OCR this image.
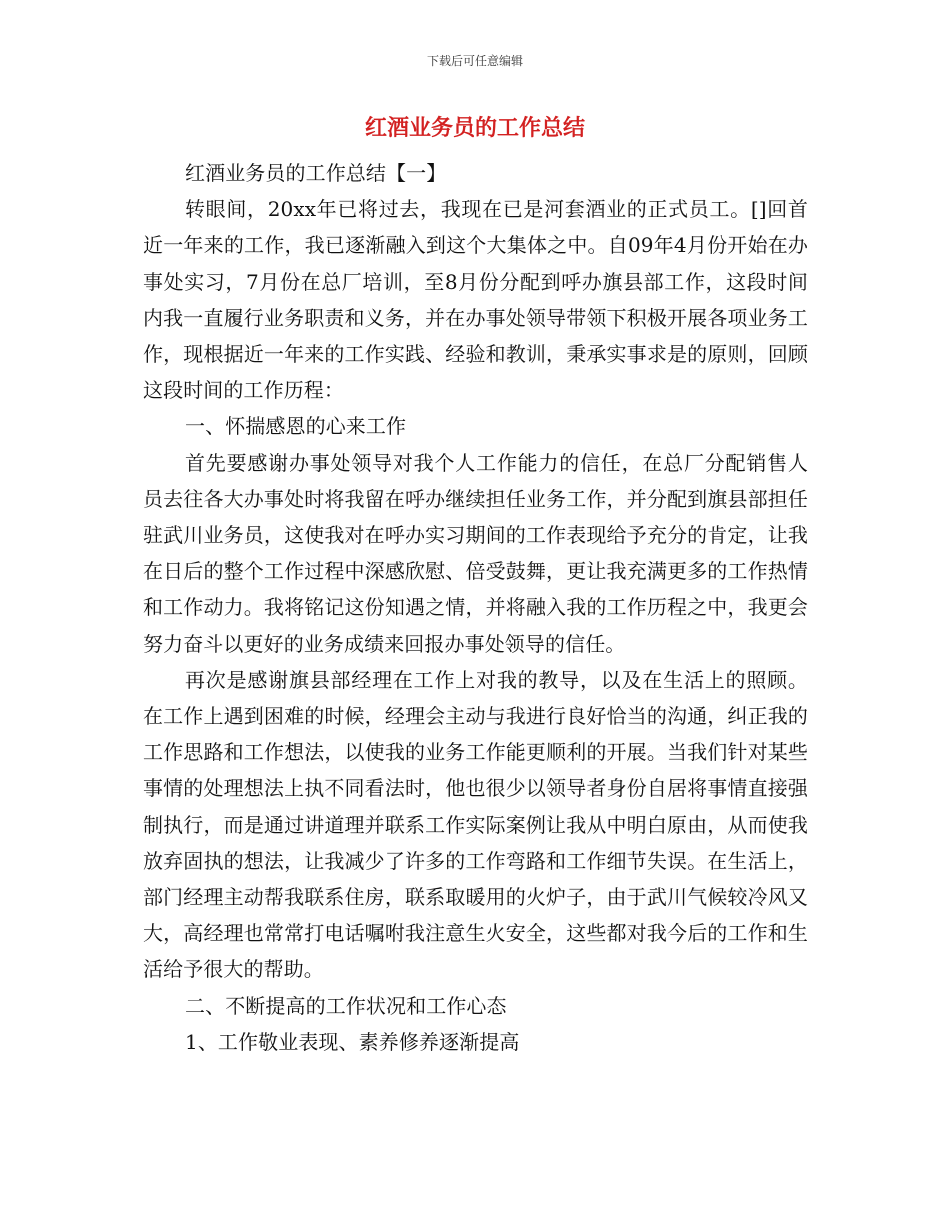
下载后可任意编辑
红酒业务员的工作总结

红酒业务员的工作总结【一】

转眼间，20xx年已将过去，我现在已是河套酒业的正式员工。[]回首近一年来的工作，我已逐渐融入到这个大集体之中。自09年4月份开始在办事处实习，7月份在总厂培训，至8月份分配到呼办旗县部工作，这段时间内我一直履行业务职责和义务，并在办事处领导带领下积极开展各项业务工作，现根据近一年来的工作实践、经验和教训，秉承实事求是的原则，回顾这段时间的工作历程：

一、怀揣感恩的心来工作

首先要感谢办事处领导对我个人工作能力的信任，在总厂分配销售人员去往各大办事处时将我留在呼办继续担任业务工作，并分配到旗县部担任驻武川业务员，这使我对在呼办实习期间的工作表现给予充分的肯定，让我在日后的整个工作过程中深感欣慰、倍受鼓舞，更让我充满更多的工作热情和工作动力。我将铭记这份知遇之情，并将融入我的工作历程之中，我更会努力奋斗以更好的业务成绩来回报办事处领导的信任。

再次是感谢旗县部经理在工作上对我的教导，以及在生活上的照顾。在工作上遇到困难的时候，经理会主动与我进行良好恰当的沟通，纠正我的工作思路和工作想法，以使我的业务工作能更顺利的开展。当我们针对某些事情的处理想法上执不同看法时，他也很少以领导者身份自居将事情直接强制执行，而是通过讲道理并联系工作实际案例让我从中明白原由，从而使我放弃固执的想法，让我减少了许多的工作弯路和工作细节失误。在生活上，部门经理主动帮我联系住房，联系取暖用的火炉子，由于武川气候较冷风又大，高经理也常常打电话嘱咐我注意生火安全，这些都对我今后的工作和生活给予很大的帮助。

二、不断提高的工作状况和工作心态

1、工作敬业表现、素养修养逐渐提高
